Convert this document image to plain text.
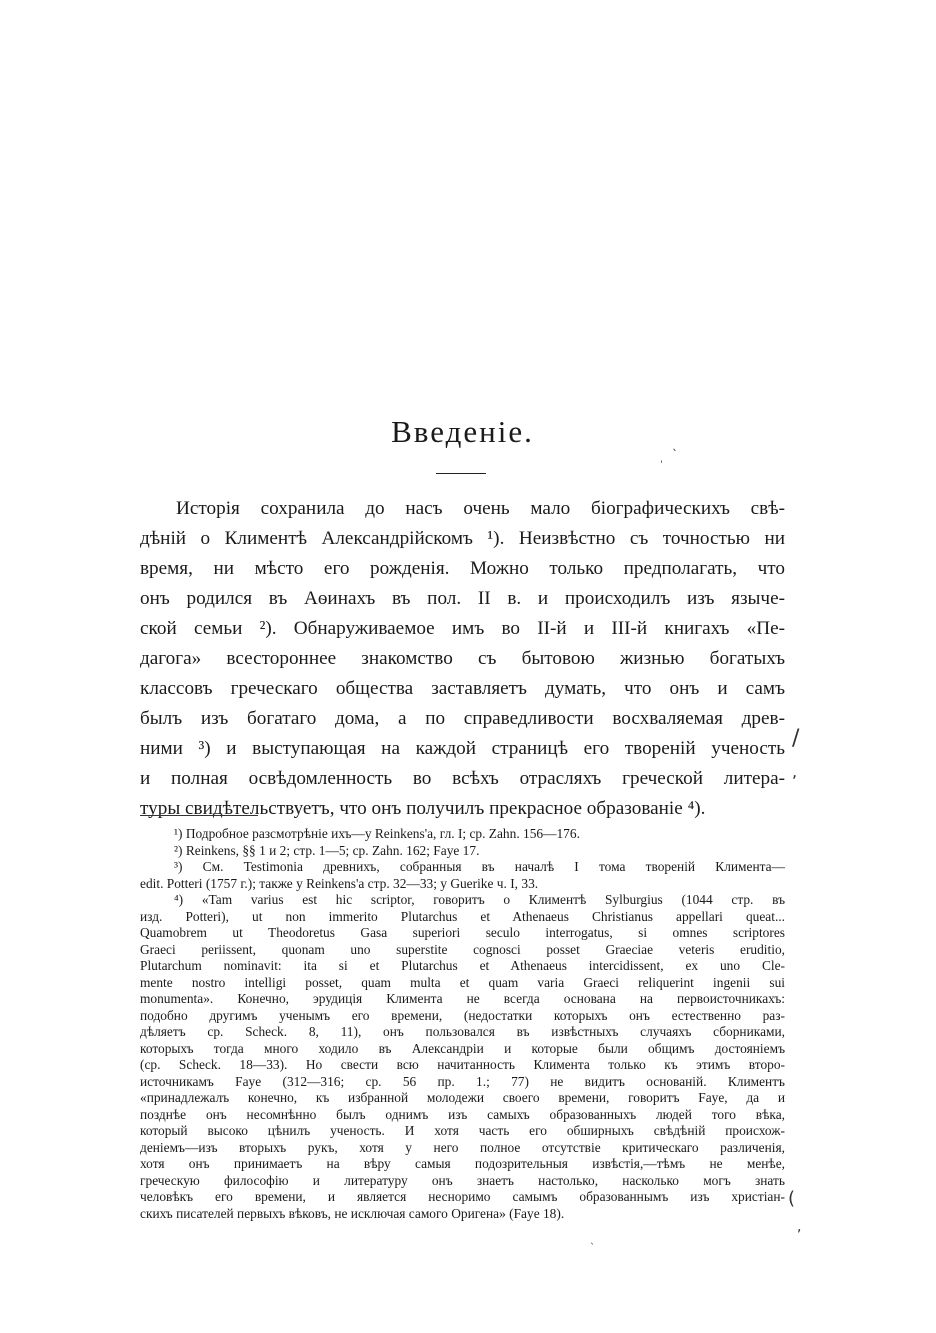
Введеніе.
Исторія сохранила до насъ очень мало біографическихъ свѣ-
дѣній о Климентѣ Александрійскомъ ¹). Неизвѣстно съ точностью ни
время, ни мѣсто его рожденія. Можно только предполагать, что
онъ родился въ Аѳинахъ въ пол. II в. и происходилъ изъ языче-
ской семьи ²). Обнаруживаемое имъ во II-й и III-й книгахъ «Пе-
дагога» всестороннее знакомство съ бытовою жизнью богатыхъ
классовъ греческаго общества заставляетъ думать, что онъ и самъ
былъ изъ богатаго дома, а по справедливости восхваляемая древ-
ними ³) и выступающая на каждой страницѣ его твореній ученость
и полная освѣдомленность во всѣхъ отрасляхъ греческой литера-
туры свидѣтельствуетъ, что онъ получилъ прекрасное образованіе ⁴).
¹) Подробное разсмотрѣніе ихъ—у Reinkens'a, гл. I; ср. Zahn. 156—176.
²) Reinkens, §§ 1 и 2; стр. 1—5; ср. Zahn. 162; Faye 17.
³) См. Testimonia древнихъ, собранныя въ началѣ I тома твореній Климента—
edit. Potteri (1757 г.); также у Reinkens'a стр. 32—33; у Guerike ч. I, 33.
⁴) «Tam varius est hic scriptor, говоритъ о Климентѣ Sylburgius (1044 стр. въ
изд. Potteri), ut non immerito Plutarchus et Athenaeus Christianus appellari queat...
Quamobrem ut Theodoretus Gasa superiori seculo interrogatus, si omnes scriptores
Graeci periissent, quonam uno superstite cognosci posset Graeciae veteris eruditio,
Plutarchum nominavit: ita si et Plutarchus et Athenaeus intercidissent, ex uno Cle-
mente nostro intelligi posset, quam multa et quam varia Graeci reliquerint ingenii sui
monumenta». Конечно, эрудиція Климента не всегда основана на первоисточникахъ:
подобно другимъ ученымъ его времени, (недостатки которыхъ онъ естественно раз-
дѣляетъ ср. Scheck. 8, 11), онъ пользовался въ извѣстныхъ случаяхъ сборниками,
которыхъ тогда много ходило въ Александріи и которые были общимъ достояніемъ
(ср. Scheck. 18—33). Но свести всю начитанность Климента только къ этимъ второ-
источникамъ Faye (312—316; ср. 56 пр. 1.; 77) не видитъ основаній. Климентъ
«принадлежалъ конечно, къ избранной молодежи своего времени, говоритъ Faye, да и
позднѣе онъ несомнѣнно былъ однимъ изъ самыхъ образованныхъ людей того вѣка,
который высоко цѣнилъ ученость. И хотя часть его обширныхъ свѣдѣній происхож-
деніемъ—изъ вторыхъ рукъ, хотя у него полное отсутствіе критическаго различенія,
хотя онъ принимаетъ на вѣру самыя подозрительныя извѣстія,—тѣмъ не менѣе,
греческую философію и литературу онъ знаетъ настолько, насколько могъ знать
человѣкъ его времени, и является несноримо самымъ образованнымъ изъ христіан-
скихъ писателей первыхъ вѣковъ, не исключая самого Оригена» (Faye 18).
ˎ
ˈ
/
,
(
,
ˎ
